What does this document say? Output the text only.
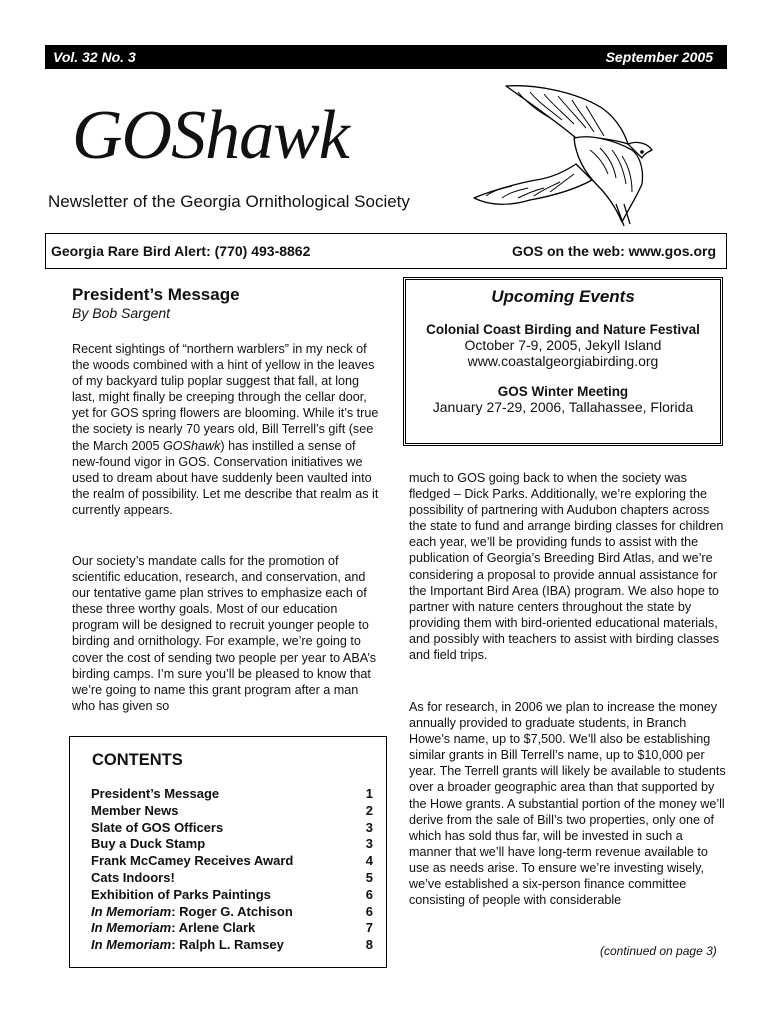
Vol. 32 No. 3	September 2005
GOShawk
Newsletter of the Georgia Ornithological Society
Georgia Rare Bird Alert: (770) 493-8862	GOS on the web: www.gos.org
President’s Message
By Bob Sargent

Recent sightings of “northern warblers” in my neck of the woods combined with a hint of yellow in the leaves of my backyard tulip poplar suggest that fall, at long last, might finally be creeping through the cellar door, yet for GOS spring flowers are blooming. While it’s true the society is nearly 70 years old, Bill Terrell’s gift (see the March 2005 GOShawk) has instilled a sense of new-found vigor in GOS. Conservation initiatives we used to dream about have suddenly been vaulted into the realm of possibility. Let me describe that realm as it currently appears.

Our society’s mandate calls for the promotion of scientific education, research, and conservation, and our tentative game plan strives to emphasize each of these three worthy goals. Most of our education program will be designed to recruit younger people to birding and ornithology. For example, we’re going to cover the cost of sending two people per year to ABA’s birding camps. I’m sure you’ll be pleased to know that we’re going to name this grant program after a man who has given so

Upcoming Events
Colonial Coast Birding and Nature Festival
October 7-9, 2005, Jekyll Island
www.coastalgeorgiabirding.org
GOS Winter Meeting
January 27-29, 2006, Tallahassee, Florida

much to GOS going back to when the society was fledged – Dick Parks. Additionally, we’re exploring the possibility of partnering with Audubon chapters across the state to fund and arrange birding classes for children each year, we’ll be providing funds to assist with the publication of Georgia’s Breeding Bird Atlas, and we’re considering a proposal to provide annual assistance for the Important Bird Area (IBA) program. We also hope to partner with nature centers throughout the state by providing them with bird-oriented educational materials, and possibly with teachers to assist with birding classes and field trips.

As for research, in 2006 we plan to increase the money annually provided to graduate students, in Branch Howe’s name, up to $7,500. We’ll also be establishing similar grants in Bill Terrell’s name, up to $10,000 per year. The Terrell grants will likely be available to students over a broader geographic area than that supported by the Howe grants. A substantial portion of the money we’ll derive from the sale of Bill’s two properties, only one of which has sold thus far, will be invested in such a manner that we’ll have long-term revenue available to use as needs arise. To ensure we’re investing wisely, we’ve established a six-person finance committee consisting of people with considerable

(continued on page 3)
CONTENTS
President’s Message	1
Member News	2
Slate of GOS Officers	3
Buy a Duck Stamp	3
Frank McCamey Receives Award	4
Cats Indoors!	5
Exhibition of Parks Paintings	6
In Memoriam: Roger G. Atchison	6
In Memoriam: Arlene Clark	7
In Memoriam: Ralph L. Ramsey	8
